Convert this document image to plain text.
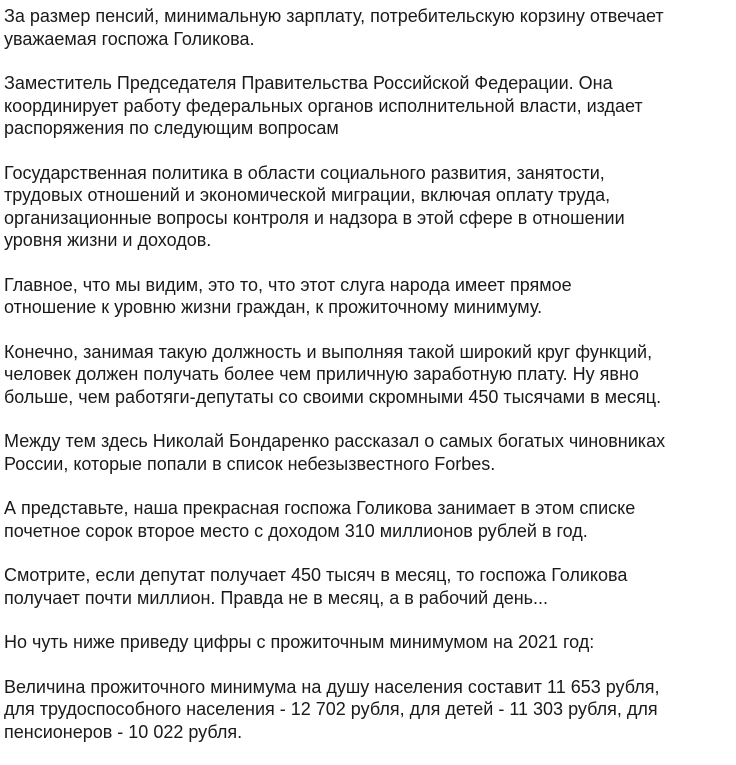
За размер пенсий, минимальную зарплату, потребительскую корзину отвечает
уважаемая госпожа Голикова.

Заместитель Председателя Правительства Российской Федерации. Она
координирует работу федеральных органов исполнительной власти, издает
распоряжения по следующим вопросам

Государственная политика в области социального развития, занятости,
трудовых отношений и экономической миграции, включая оплату труда,
организационные вопросы контроля и надзора в этой сфере в отношении
уровня жизни и доходов.

Главное, что мы видим, это то, что этот слуга народа имеет прямое
отношение к уровню жизни граждан, к прожиточному минимуму.

Конечно, занимая такую должность и выполняя такой широкий круг функций,
человек должен получать более чем приличную заработную плату. Ну явно
больше, чем работяги-депутаты со своими скромными 450 тысячами в месяц.

Между тем здесь Николай Бондаренко рассказал о самых богатых чиновниках
России, которые попали в список небезызвестного Forbes.

А представьте, наша прекрасная госпожа Голикова занимает в этом списке
почетное сорок второе место с доходом 310 миллионов рублей в год.

Смотрите, если депутат получает 450 тысяч в месяц, то госпожа Голикова
получает почти миллион. Правда не в месяц, а в рабочий день...

Но чуть ниже приведу цифры с прожиточным минимумом на 2021 год:

Величина прожиточного минимума на душу населения составит 11 653 рубля,
для трудоспособного населения - 12 702 рубля, для детей - 11 303 рубля, для
пенсионеров - 10 022 рубля.
